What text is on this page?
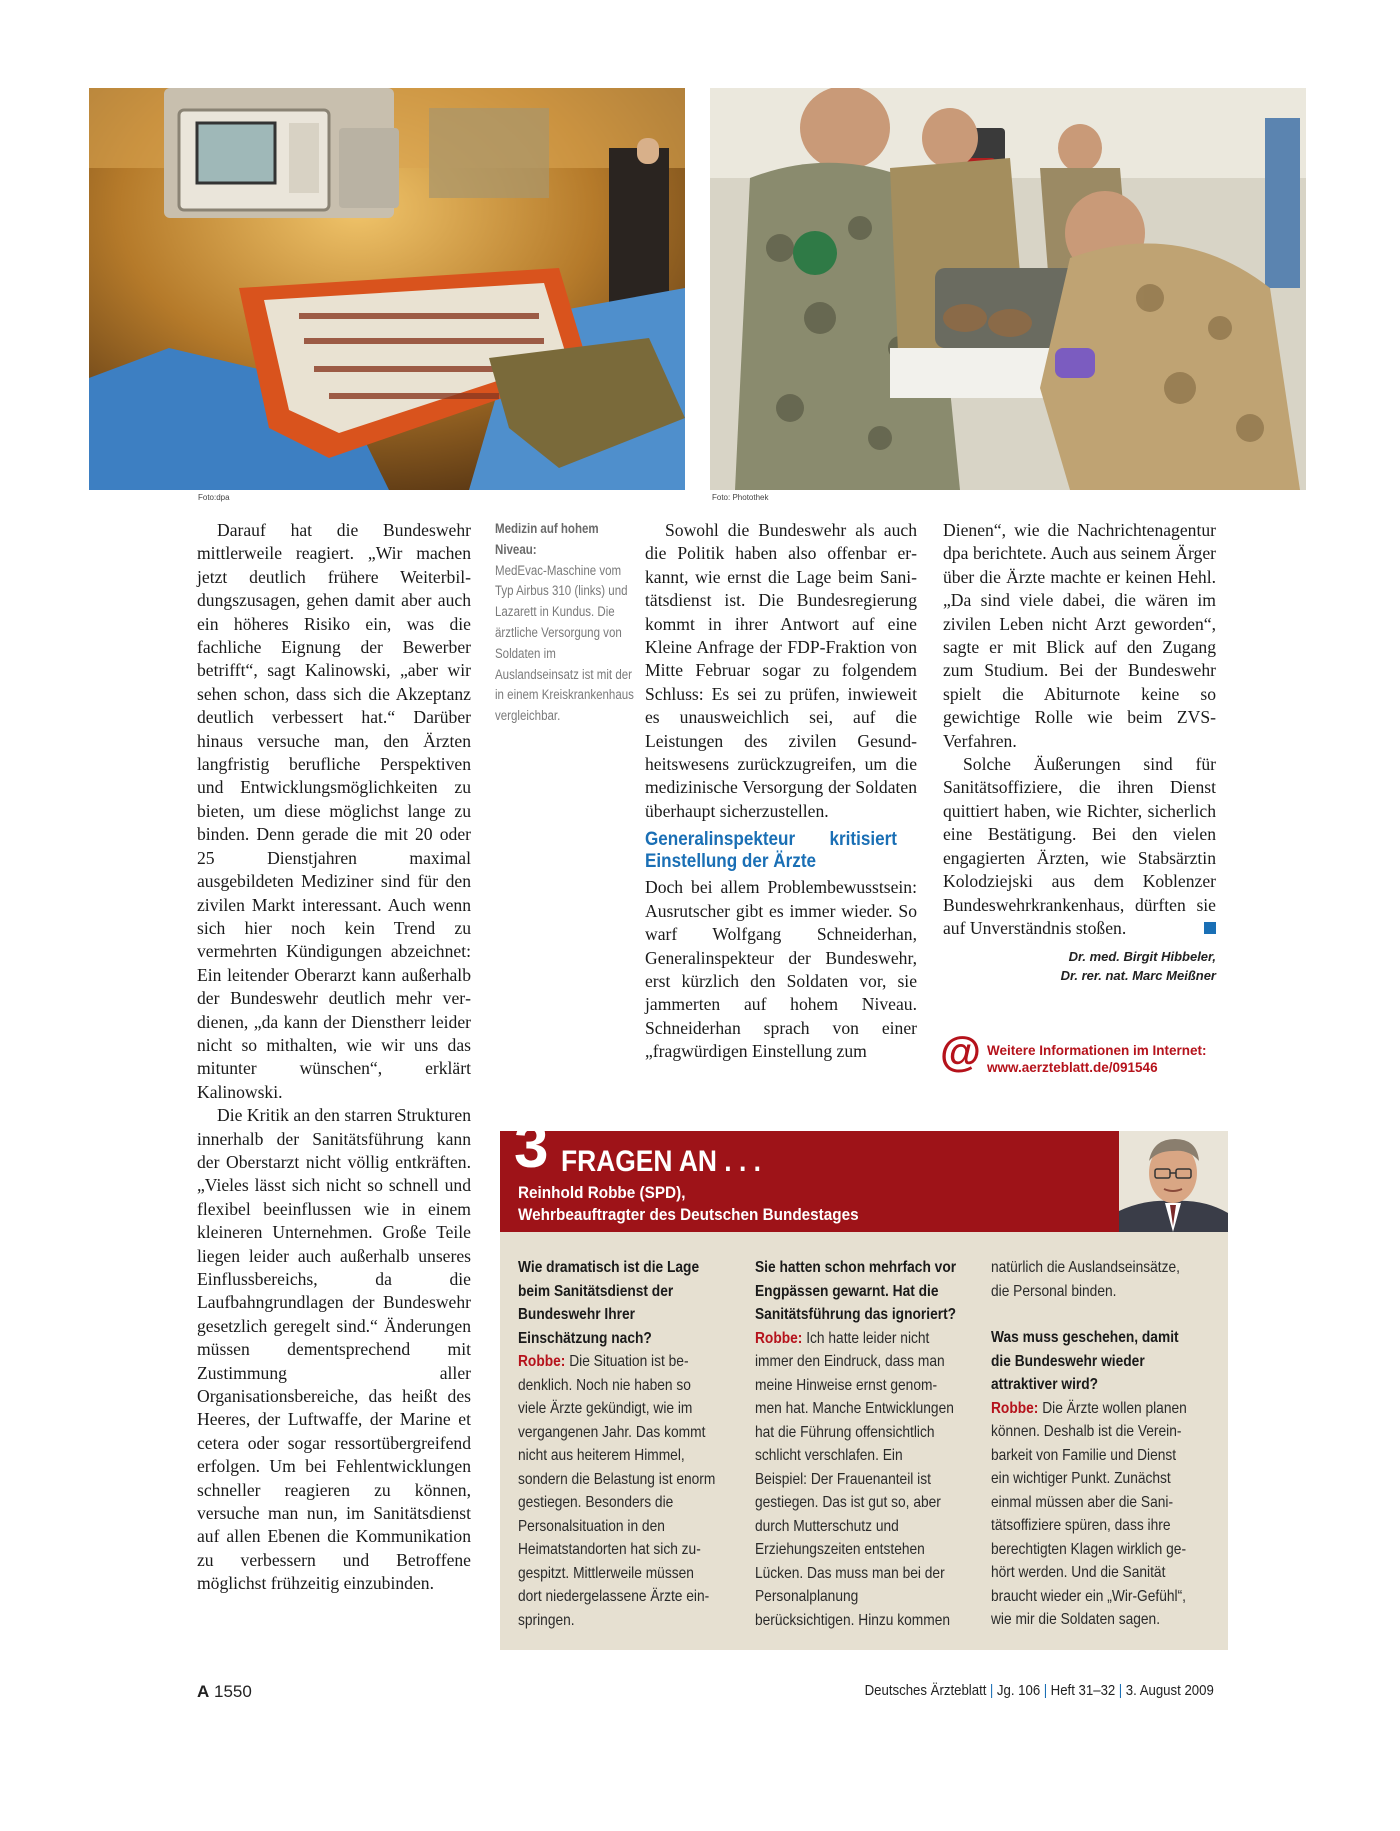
Foto:dpa	Foto: Photothek

Darauf hat die Bundeswehr mittlerweile reagiert. „Wir machen jetzt deutlich frühere Weiterbildungszusagen, gehen damit aber auch ein höheres Risiko ein, was die fachliche Eignung der Bewerber betrifft“, sagt Kalinowski, „aber wir sehen schon, dass sich die Akzeptanz deutlich verbessert hat.“ Darüber hinaus versuche man, den Ärzten langfristig berufliche Perspektiven und Entwicklungsmöglichkeiten zu bieten, um diese möglichst lange zu binden. Denn gerade die mit 20 oder 25 Dienstjahren maximal ausgebildeten Mediziner sind für den zivilen Markt interessant. Auch wenn sich hier noch kein Trend zu vermehrten Kündigungen abzeichnet: Ein leitender Oberarzt kann außerhalb der Bundeswehr deutlich mehr verdienen, „da kann der Dienstherr leider nicht so mithalten, wie wir uns das mitunter wünschen“, erklärt Kalinowski.

Die Kritik an den starren Strukturen innerhalb der Sanitätsführung kann der Oberstarzt nicht völlig entkräften. „Vieles lässt sich nicht so schnell und flexibel beeinflussen wie in einem kleineren Unternehmen. Große Teile liegen leider auch außerhalb unseres Einflussbereichs, da die Laufbahngrundlagen der Bundeswehr gesetzlich geregelt sind.“ Änderungen müssen dementsprechend mit Zustimmung aller Organisationsbereiche, das heißt des Heeres, der Luftwaffe, der Marine et cetera oder sogar ressortübergreifend erfolgen. Um bei Fehlentwicklungen schneller reagieren zu können, versuche man nun, im Sanitätsdienst auf allen Ebenen die Kommunikation zu verbessern und Betroffene möglichst frühzeitig einzubinden.

Medizin auf hohem Niveau:
MedEvac-Maschine vom Typ Airbus 310 (links) und Lazarett in Kundus. Die ärztliche Versorgung von Soldaten im Auslandseinsatz ist mit der in einem Kreiskrankenhaus vergleichbar.

Sowohl die Bundeswehr als auch die Politik haben also offenbar erkannt, wie ernst die Lage beim Sanitätsdienst ist. Die Bundesregierung kommt in ihrer Antwort auf eine Kleine Anfrage der FDP-Fraktion von Mitte Februar sogar zu folgendem Schluss: Es sei zu prüfen, inwieweit es unausweichlich sei, auf die Leistungen des zivilen Gesundheitswesens zurückzugreifen, um die medizinische Versorgung der Soldaten überhaupt sicherzustellen.

Generalinspekteur kritisiert Einstellung der Ärzte

Doch bei allem Problembewusstsein: Ausrutscher gibt es immer wieder. So warf Wolfgang Schneiderhan, Generalinspekteur der Bundeswehr, erst kürzlich den Soldaten vor, sie jammerten auf hohem Niveau. Schneiderhan sprach von einer „fragwürdigen Einstellung zum

Dienen“, wie die Nachrichtenagentur dpa berichtete. Auch aus seinem Ärger über die Ärzte machte er keinen Hehl. „Da sind viele dabei, die wären im zivilen Leben nicht Arzt geworden“, sagte er mit Blick auf den Zugang zum Studium. Bei der Bundeswehr spielt die Abiturnote keine so gewichtige Rolle wie beim ZVS-Verfahren.

Solche Äußerungen sind für Sanitätsoffiziere, die ihren Dienst quittiert haben, wie Richter, sicherlich eine Bestätigung. Bei den vielen engagierten Ärzten, wie Stabsärztin Kolodziejski aus dem Koblenzer Bundeswehrkrankenhaus, dürften sie auf Unverständnis stoßen.

Dr. med. Birgit Hibbeler,
Dr. rer. nat. Marc Meißner
@ Weitere Informationen im Internet:
www.aerzteblatt.de/091546
3 FRAGEN AN . . .
Reinhold Robbe (SPD),
Wehrbeauftragter des Deutschen Bundestages

Wie dramatisch ist die Lage beim Sanitätsdienst der Bundeswehr Ihrer Einschätzung nach?
Robbe: Die Situation ist bedenklich. Noch nie haben so viele Ärzte gekündigt, wie im vergangenen Jahr. Das kommt nicht aus heiterem Himmel, sondern die Belastung ist enorm gestiegen. Besonders die Personalsituation in den Heimatstandorten hat sich zugespitzt. Mittlerweile müssen dort niedergelassene Ärzte einspringen.

Sie hatten schon mehrfach vor Engpässen gewarnt. Hat die Sanitätsführung das ignoriert?
Robbe: Ich hatte leider nicht immer den Eindruck, dass man meine Hinweise ernst genommen hat. Manche Entwicklungen hat die Führung offensichtlich schlicht verschlafen. Ein Beispiel: Der Frauenanteil ist gestiegen. Das ist gut so, aber durch Mutterschutz und Erziehungszeiten entstehen Lücken. Das muss man bei der Personalplanung berücksichtigen. Hinzu kommen

natürlich die Auslandseinsätze, die Personal binden.

Was muss geschehen, damit die Bundeswehr wieder attraktiver wird?
Robbe: Die Ärzte wollen planen können. Deshalb ist die Vereinbarkeit von Familie und Dienst ein wichtiger Punkt. Zunächst einmal müssen aber die Sanitätsoffiziere spüren, dass ihre berechtigten Klagen wirklich gehört werden. Und die Sanität braucht wieder ein „Wir-Gefühl“, wie mir die Soldaten sagen.

A 1550	Deutsches Ärzteblatt | Jg. 106 | Heft 31–32 | 3. August 2009
